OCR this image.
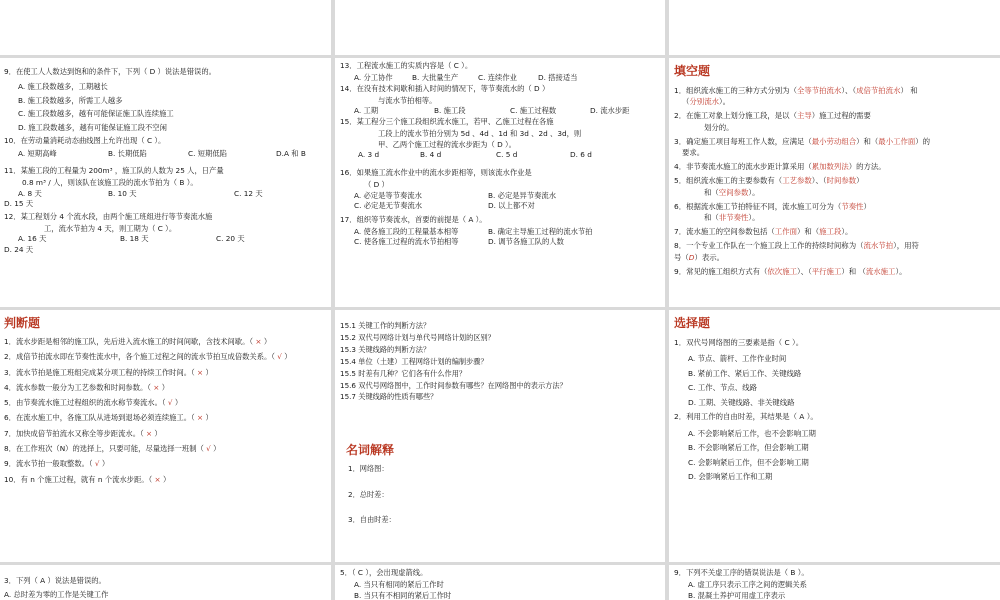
9．在使工人人数达到饱和的条件下，下列（ D ）说法是错误的。
A. 施工段数越多，工期越长
B. 施工段数越多，所需工人越多
C. 施工段数越多，越有可能保证施工队连续施工
D. 施工段数越多，越有可能保证施工段不空闲
10．在劳动量消耗动态曲线图上允许出现（ C ）。
A. 短期高峰	B. 长期低陷	C. 短期低陷	D.A 和 B
11．某施工段的工程量为 200m³ ，施工队的人数为 25 人，日产量
0.8 m³ / 人，则该队在该施工段的流水节拍为（ B ）。
A. 8 天	B. 10 天	C. 12 天
D. 15 天
12．某工程划分 4 个流水段，由两个施工班组进行等节奏流水施
工，流水节拍为 4 天，则工期为（ C ）。
A. 16 天	B. 18 天	C. 20 天
D. 24 天
13．工程流水施工的实质内容是（ C ）。
A. 分工协作	B. 大批量生产	C. 连续作业	D. 搭接适当
14．在没有技术间歇和插入时间的情况下，等节奏流水的（ D ）
与流水节拍相等。
A. 工期	B. 施工段	C. 施工过程数	D. 流水步距
15．某工程分三个施工段组织流水施工，若甲、乙施工过程在各施
工段上的流水节拍分别为 5d 、4d 、1d 和 3d 、2d 、3d，则
甲、乙两个施工过程的流水步距为（ D ）。
A. 3 d	B. 4 d	C. 5 d	D. 6 d
16．如果施工流水作业中的流水步距相等，则该流水作业是
（ D ）
A. 必定是等节奏流水	B. 必定是异节奏流水
C. 必定是无节奏流水	D. 以上都不对
17．组织等节奏流水，首要的前提是（ A ）。
A. 使各施工段的工程量基本相等	B. 确定主导施工过程的流水节拍
C. 使各施工过程的流水节拍相等	D. 调节各施工队的人数
填空题
1．组织流水施工的三种方式分别为（全等节拍流水）、（成倍节拍流水） 和
（分别流水）。
2．在施工对象上划分施工段，是以（主导）施工过程的需要
划分的。
3．确定施工项目每班工作人数，应满足（最小劳动组合）和（最小工作面）的
要求。
4．非节奏流水施工的流水步距计算采用（累加数列法）的方法。
5．组织流水施工的主要参数有（工艺参数）、（时间参数）
和（空间参数）。
6．根据流水施工节拍特征不同，流水施工可分为（节奏性）
和（非节奏性）。
7．流水施工的空间参数包括（工作面）和（施工段）。
8．一个专业工作队在一个施工段上工作的持续时间称为（流水节拍），用符
号（D）表示。
9．常见的施工组织方式有（依次施工）、（平行施工）和 （流水施工）。
判断题
1．流水步距是相邻的施工队，先后进入流水施工的时间间歇，含技术间歇。（ × ）
2．成倍节拍流水即在节奏性流水中，各个施工过程之间的流水节拍互成倍数关系。（ √ ）
3．流水节拍是施工班组完成某分项工程的持续工作时间。（ × ）
4．流水参数一般分为工艺参数和时间参数。（ × ）
5．由节奏流水施工过程组织的流水称节奏流水。（ √ ）
6．在流水施工中，各施工队从进场到退场必须连续施工。（ × ）
7．加快成倍节拍流水又称全等步距流水。（ × ）
8．在工作班次（N）的选择上，只要可能，尽量选择一班制（ √ ）
9．流水节拍一般取整数。（ √ ）
10．有 n 个施工过程，就有 n 个流水步距。（ × ）
15.1 关键工作的判断方法？
15.2 双代号网络计划与单代号网络计划的区别？
15.3 关键线路的判断方法？
15.4 单位（土建）工程网络计划的编制步骤？
15.5 时差有几种？它们各有什么作用？
15.6 双代号网络图中，工作时间参数有哪些？在网络图中的表示方法？
15.7 关键线路的性质有哪些？
名词解释
1．网络图：
2．总时差：
3．自由时差：
选择题
1．双代号网络图的三要素是指（ C ）。
A. 节点、箭杆、工作作业时间
B. 紧前工作、紧后工作、关键线路
C. 工作、节点、线路
D. 工期、关键线路、非关键线路
2．利用工作的自由时差，其结果是（ A ）。
A. 不会影响紧后工作，也不会影响工期
B. 不会影响紧后工作，但会影响工期
C. 会影响紧后工作，但不会影响工期
D. 会影响紧后工作和工期
3．下列（ A ）说法是错误的。
A. 总时差为零的工作是关键工作
5．（ C ），会出现虚箭线。
A. 当只有相同的紧后工作时
B. 当只有不相同的紧后工作时
9．下列不关虚工序的错误说法是（ B ）。
A. 虚工序只表示工序之间的逻辑关系
B. 混凝土养护可用虚工序表示
